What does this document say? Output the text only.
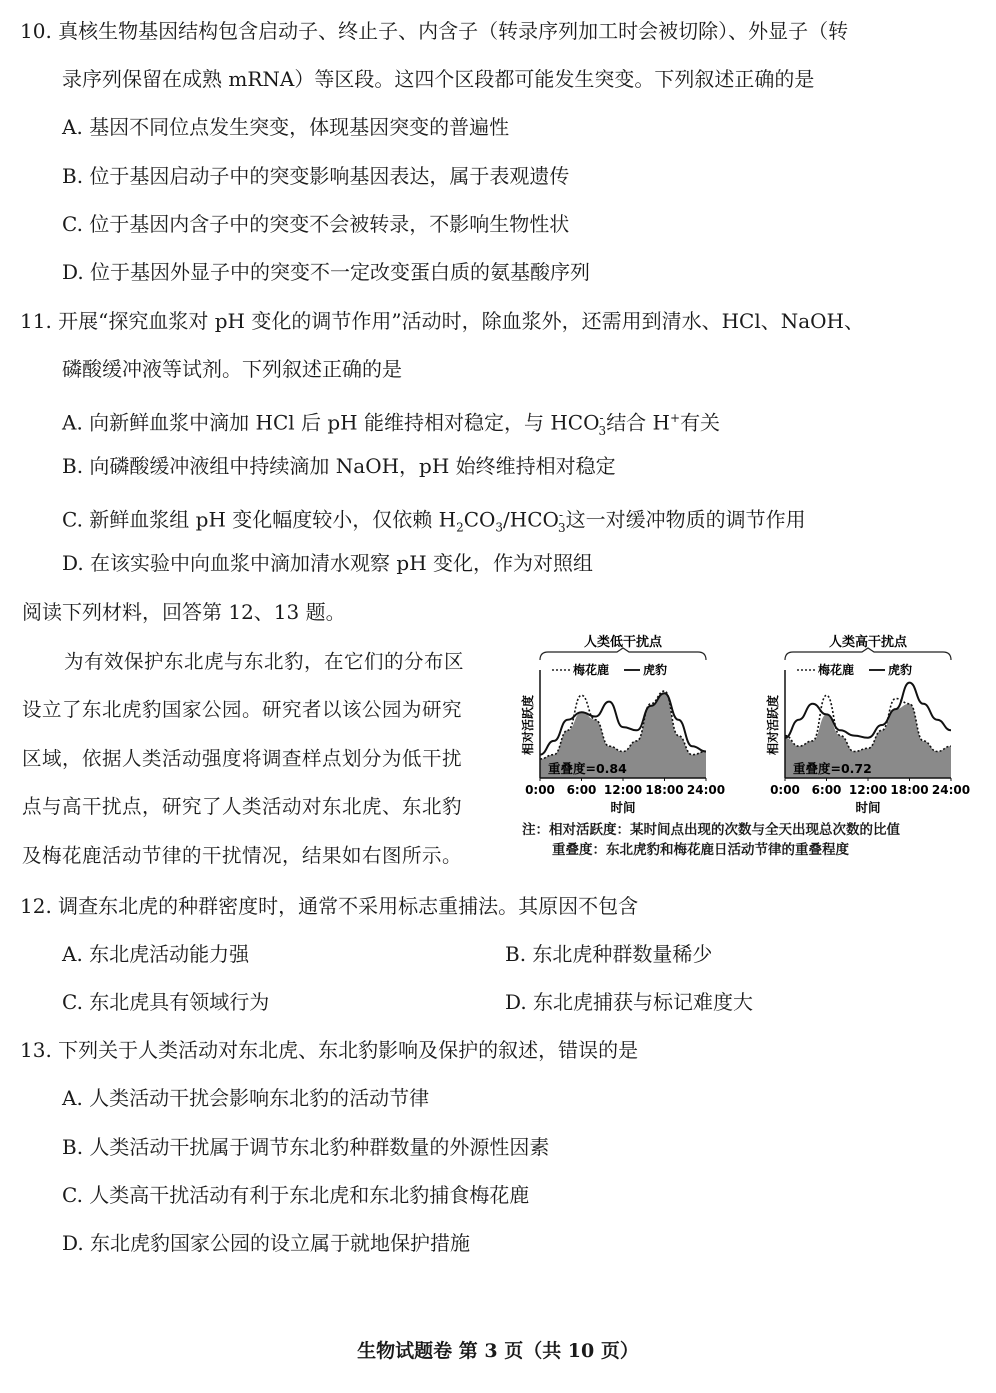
10. 真核生物基因结构包含启动子、终止子、内含子（转录序列加工时会被切除）、外显子（转
录序列保留在成熟 mRNA）等区段。这四个区段都可能发生突变。下列叙述正确的是
A. 基因不同位点发生突变，体现基因突变的普遍性
B. 位于基因启动子中的突变影响基因表达，属于表观遗传
C. 位于基因内含子中的突变不会被转录，不影响生物性状
D. 位于基因外显子中的突变不一定改变蛋白质的氨基酸序列
11. 开展“探究血浆对 pH 变化的调节作用”活动时，除血浆外，还需用到清水、HCl、NaOH、
磷酸缓冲液等试剂。下列叙述正确的是
A. 向新鲜血浆中滴加 HCl 后 pH 能维持相对稳定，与 $HCO^-_3$结合 H+有关
B. 向磷酸缓冲液组中持续滴加 NaOH，pH 始终维持相对稳定
C. 新鲜血浆组 pH 变化幅度较小，仅依赖 $H_2CO_3/HCO^-_3$这一对缓冲物质的调节作用
D. 在该实验中向血浆中滴加清水观察 pH 变化，作为对照组
阅读下列材料，回答第 12、13 题。
为有效保护东北虎与东北豹，在它们的分布区
设立了东北虎豹国家公园。研究者以该公园为研究
区域，依据人类活动强度将调查样点划分为低干扰
点与高干扰点，研究了人类活动对东北虎、东北豹
及梅花鹿活动节律的干扰情况，结果如右图所示。
人类低干扰点
梅花鹿	虎豹
相对活跃度
重叠度=0.84
0:00 6:00 12:00 18:00 24:00
时间
人类高干扰点
梅花鹿	虎豹
相对活跃度
重叠度=0.72
0:00 6:00 12:00 18:00 24:00
时间
注：相对活跃度：某时间点出现的次数与全天出现总次数的比值
重叠度：东北虎豹和梅花鹿日活动节律的重叠程度
12. 调查东北虎的种群密度时，通常不采用标志重捕法。其原因不包含
A. 东北虎活动能力强	B. 东北虎种群数量稀少
C. 东北虎具有领域行为	D. 东北虎捕获与标记难度大
13. 下列关于人类活动对东北虎、东北豹影响及保护的叙述，错误的是
A. 人类活动干扰会影响东北豹的活动节律
B. 人类活动干扰属于调节东北豹种群数量的外源性因素
C. 人类高干扰活动有利于东北虎和东北豹捕食梅花鹿
D. 东北虎豹国家公园的设立属于就地保护措施
生物试题卷 第 3 页（共 10 页）
